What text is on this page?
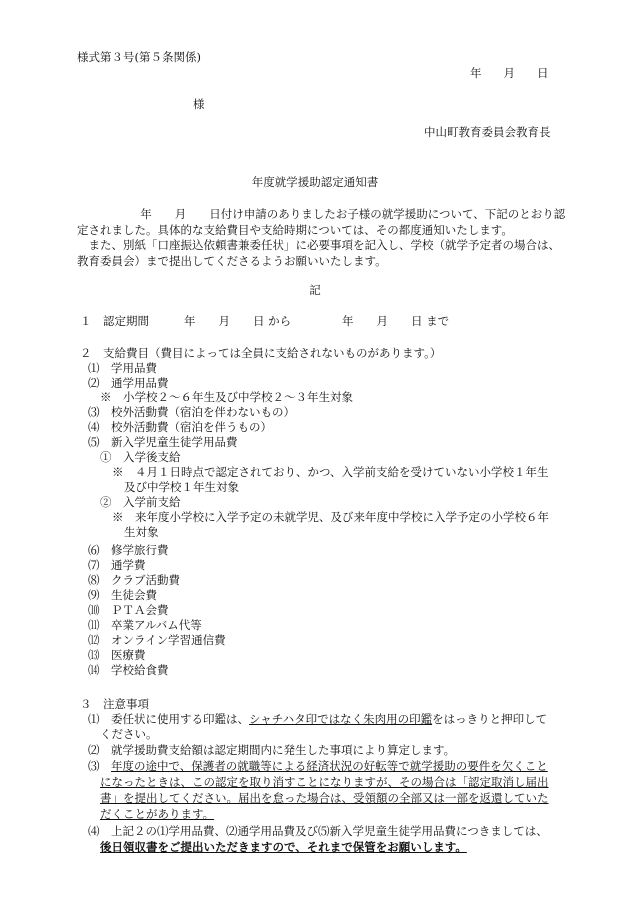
様式第３号(第５条関係)
年 月 日
様
中山町教育委員会教育長
年度就学援助認定通知書
　　年　　月　　日付け申請のありましたお子様の就学援助について、下記のとおり認定されました。具体的な支給費目や支給時期については、その都度通知いたします。
　また、別紙「口座振込依頼書兼委任状」に必要事項を記入し、学校（就学予定者の場合は、教育委員会）まで提出してくださるようお願いいたします。
記
１　認定期間	年　　月　　日 から	年　　月　　日 まで
２　支給費目（費目によっては全員に支給されないものがあります。）
⑴　学用品費
⑵　通学用品費
※　小学校２～６年生及び中学校２～３年生対象
⑶　校外活動費（宿泊を伴わないもの）
⑷　校外活動費（宿泊を伴うもの）
⑸　新入学児童生徒学用品費
①　入学後支給
※　４月１日時点で認定されており、かつ、入学前支給を受けていない小学校１年生
及び中学校１年生対象
②　入学前支給
※　来年度小学校に入学予定の未就学児、及び来年度中学校に入学予定の小学校６年
生対象
⑹　修学旅行費
⑺　通学費
⑻　クラブ活動費
⑼　生徒会費
⑽　ＰＴＡ会費
⑾　卒業アルバム代等
⑿　オンライン学習通信費
⒀　医療費
⒁　学校給食費
３　注意事項
⑴　委任状に使用する印鑑は、シャチハタ印ではなく朱肉用の印鑑をはっきりと押印して
ください。
⑵　就学援助費支給額は認定期間内に発生した事項により算定します。
⑶　年度の途中で、保護者の就職等による経済状況の好転等で就学援助の要件を欠くこと
になったときは、この認定を取り消すことになりますが、その場合は「認定取消し届出
書」を提出してください。届出を怠った場合は、受領額の全部又は一部を返還していた
だくことがあります。
⑷　上記２の⑴学用品費、⑵通学用品費及び⑸新入学児童生徒学用品費につきましては、
後日領収書をご提出いただきますので、それまで保管をお願いします。
